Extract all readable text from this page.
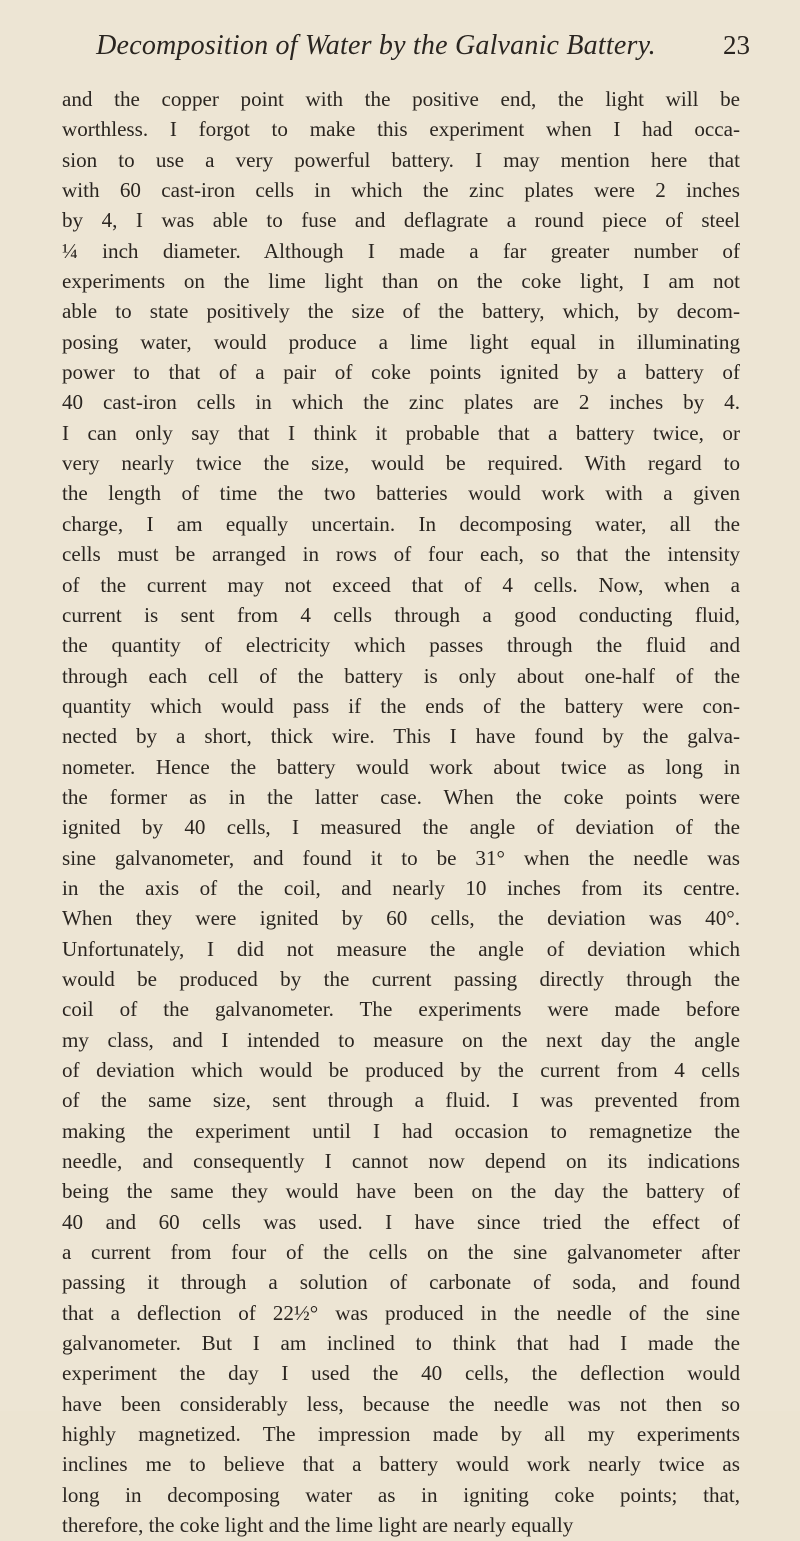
Decomposition of Water by the Galvanic Battery.	23
and the copper point with the positive end, the light will be
worthless. I forgot to make this experiment when I had occa-
sion to use a very powerful battery. I may mention here that
with 60 cast-iron cells in which the zinc plates were 2 inches
by 4, I was able to fuse and deflagrate a round piece of steel
¼ inch diameter. Although I made a far greater number of
experiments on the lime light than on the coke light, I am not
able to state positively the size of the battery, which, by decom-
posing water, would produce a lime light equal in illuminating
power to that of a pair of coke points ignited by a battery of
40 cast-iron cells in which the zinc plates are 2 inches by 4.
I can only say that I think it probable that a battery twice, or
very nearly twice the size, would be required. With regard to
the length of time the two batteries would work with a given
charge, I am equally uncertain. In decomposing water, all the
cells must be arranged in rows of four each, so that the intensity
of the current may not exceed that of 4 cells. Now, when a
current is sent from 4 cells through a good conducting fluid,
the quantity of electricity which passes through the fluid and
through each cell of the battery is only about one-half of the
quantity which would pass if the ends of the battery were con-
nected by a short, thick wire. This I have found by the galva-
nometer. Hence the battery would work about twice as long in
the former as in the latter case. When the coke points were
ignited by 40 cells, I measured the angle of deviation of the
sine galvanometer, and found it to be 31° when the needle was
in the axis of the coil, and nearly 10 inches from its centre.
When they were ignited by 60 cells, the deviation was 40°.
Unfortunately, I did not measure the angle of deviation which
would be produced by the current passing directly through the
coil of the galvanometer. The experiments were made before
my class, and I intended to measure on the next day the angle
of deviation which would be produced by the current from 4 cells
of the same size, sent through a fluid. I was prevented from
making the experiment until I had occasion to remagnetize the
needle, and consequently I cannot now depend on its indications
being the same they would have been on the day the battery of
40 and 60 cells was used. I have since tried the effect of
a current from four of the cells on the sine galvanometer after
passing it through a solution of carbonate of soda, and found
that a deflection of 22½° was produced in the needle of the sine
galvanometer. But I am inclined to think that had I made the
experiment the day I used the 40 cells, the deflection would
have been considerably less, because the needle was not then so
highly magnetized. The impression made by all my experiments
inclines me to believe that a battery would work nearly twice as
long in decomposing water as in igniting coke points; that,
therefore, the coke light and the lime light are nearly equally
